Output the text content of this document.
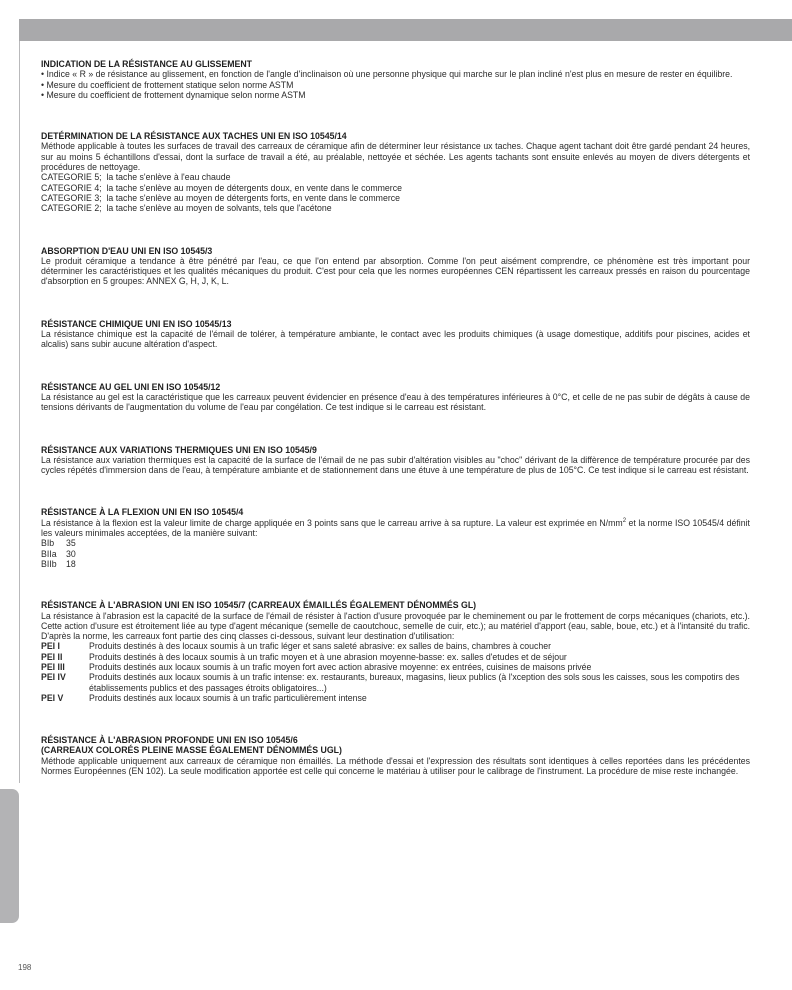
198
INDICATION DE LA RÉSISTANCE AU GLISSEMENT
• Indice « R » de résistance au glissement, en fonction de l'angle d'inclinaison où une personne physique qui marche sur le plan incliné n'est plus en mesure de rester en équilibre.
• Mesure du coefficient de frottement statique selon norme ASTM
• Mesure du coefficient de frottement dynamique selon norme ASTM
DETÉRMINATION DE LA RÉSISTANCE AUX TACHES UNI EN ISO 10545/14
Méthode applicable à toutes les surfaces de travail des carreaux de céramique afin de déterminer leur résistance ux taches. Chaque agent tachant doit être gardé pendant 24 heures, sur au moins 5 échantillons d'essai, dont la surface de travail a été, au préalable, nettoyée et séchée. Les agents tachants sont ensuite enlevés au moyen de divers détergents et procédures de nettoyage.
CATEGORIE 5;  la tache s'enlève à l'eau chaude
CATEGORIE 4;  la tache s'enlève au moyen de détergents doux, en vente dans le commerce
CATEGORIE 3;  la tache s'enlève au moyen de détergents forts, en vente dans le commerce
CATEGORIE 2;  la tache s'enlève au moyen de solvants, tels que l'acétone
ABSORPTION D'EAU UNI EN ISO 10545/3
Le produit céramique a tendance à être pénétré par l'eau, ce que l'on entend par absorption. Comme l'on peut aisément comprendre, ce phénomène est très important pour déterminer les caractéristiques et les qualités mécaniques du produit. C'est pour cela que les normes européennes CEN répartissent les carreaux pressés en raison du pourcentage d'absorption en 5 groupes: ANNEX G, H, J, K, L.
RÉSISTANCE CHIMIQUE UNI EN ISO 10545/13
La résistance chimique est la capacité de l'émail de tolérer, à température ambiante, le contact avec les produits chimiques (à usage domestique, additifs pour piscines, acides et alcalis) sans subir aucune altération d'aspect.
RÉSISTANCE AU GEL UNI EN ISO 10545/12
La résistance au gel est la caractéristique que les carreaux peuvent évidencier en présence d'eau à des températures inférieures à 0°C, et celle de ne pas subir de dégâts à cause de tensions dérivants de l'augmentation du volume de l'eau par congélation. Ce test indique si le carreau est résistant.
RÉSISTANCE AUX VARIATIONS THERMIQUES UNI EN ISO 10545/9
La résistance aux variation thermiques est la capacité de la surface de l'émail de ne pas subir d'altération visibles au "choc" dérivant de la diffèrence de température procurée par des cycles répétés d'immersion dans de l'eau, à température ambiante et de stationnement dans une étuve à une température de plus de 105°C. Ce test indique si le carreau est résistant.
RÉSISTANCE À LA FLEXION UNI EN ISO 10545/4
La résistance à la flexion est la valeur limite de charge appliquée en 3 points sans que le carreau arrive à sa rupture. La valeur est exprimée en $N/mm^2$ et la norme ISO 10545/4 définit les valeurs minimales acceptées, de la manière suivant:
BIb	35
BIIa	30
BIIb	18
RÉSISTANCE À L'ABRASION UNI EN ISO 10545/7 (CARREAUX ÉMAILLÉS ÉGALEMENT DÉNOMMÉS GL)
La résistance à l'abrasion est la capacité de la surface de l'émail de résister à l'action d'usure provoquée par le cheminement ou par le frottement de corps mécaniques (chariots, etc.). Cette action d'usure est étroitement liée au type d'agent mécanique (semelle de caoutchouc, semelle de cuir, etc.); au matériel d'apport (eau, sable, boue, etc.) et à l'intansité du trafic. D'après la norme, les carreaux font partie des cinq classes ci-dessous, suivant leur destination d'utilisation:
PEI I	Produits destinés à des locaux soumis à un trafic léger et sans saleté abrasive: ex salles de bains, chambres à coucher
PEI II	Produits destinés à des locaux soumis à un trafic moyen et à une abrasion moyenne-basse: ex. salles d'etudes et de séjour
PEI III	Produits destinés aux locaux soumis à un trafic moyen fort avec action abrasive moyenne: ex entrées, cuisines de maisons privée
PEI IV	Produits destinés aux locaux soumis à un trafic intense: ex. restaurants, bureaux, magasins, lieux publics (à l'xception des sols sous les caisses, sous les compotirs des établissements publics et des passages étroits obligatoires...)
PEI V	Produits destinés aux locaux soumis à un trafic particulièrement intense
RÉSISTANCE À L'ABRASION PROFONDE UNI EN ISO 10545/6
(CARREAUX COLORÉS PLEINE MASSE ÉGALEMENT DÉNOMMÉS UGL)
Méthode applicable uniquement aux carreaux de céramique non émaillés. La méthode d'essai et l'expression des résultats sont identiques à celles reportées dans les précédentes Normes Européennes (EN 102). La seule modification apportée est celle qui concerne le matériau à utiliser pour le calibrage de l'instrument. La procédure de mise reste inchangée.
